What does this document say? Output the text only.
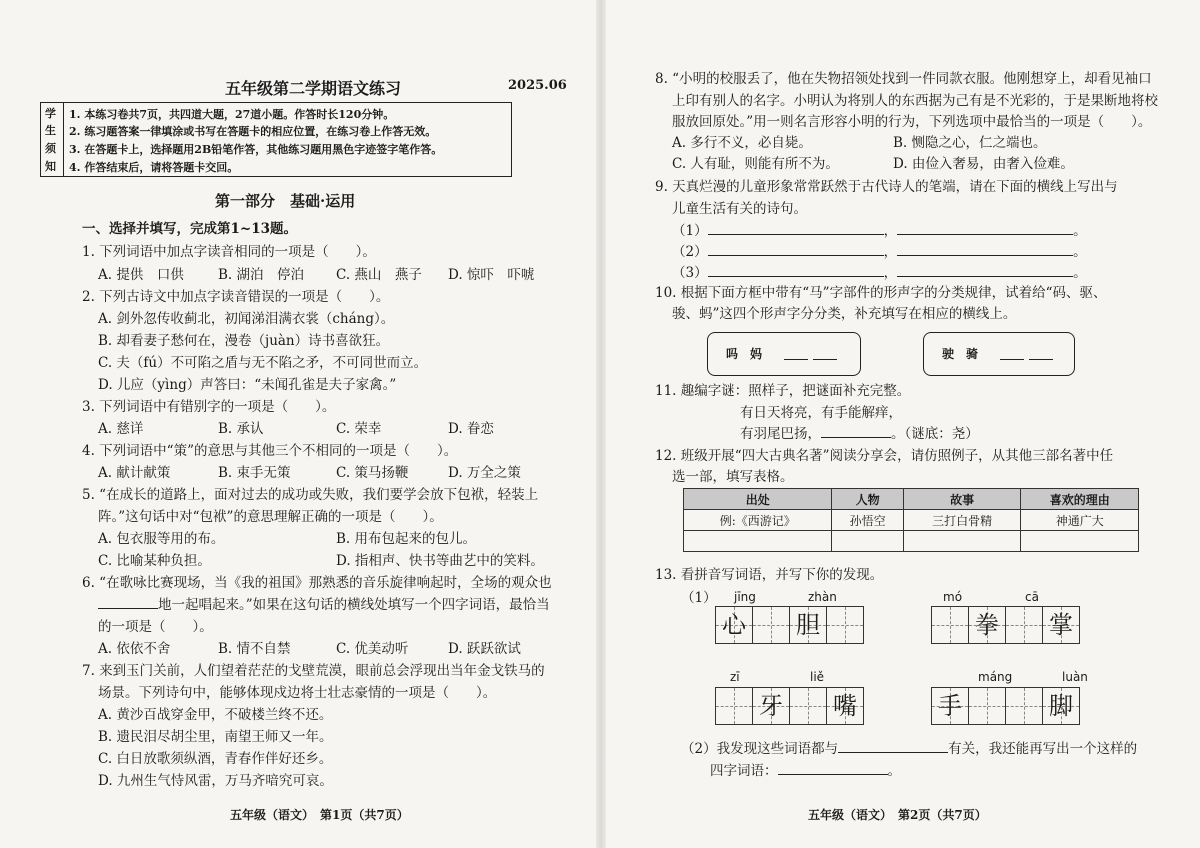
五年级第二学期语文练习	2025.06
学
生
须
知
1. 本练习卷共7页，共四道大题，27道小题。作答时长120分钟。
2. 练习题答案一律填涂或书写在答题卡的相应位置，在练习卷上作答无效。
3. 在答题卡上，选择题用2B铅笔作答，其他练习题用黑色字迹签字笔作答。
4. 作答结束后，请将答题卡交回。
第一部分　基础·运用
一、选择并填写，完成第1~13题。
1. 下列词语中加点字读音相同的一项是（　　）。
A. 提供　口供	B. 湖泊　停泊 C. 燕山　燕子 D. 惊吓　吓唬
2. 下列古诗文中加点字读音错误的一项是（　　）。
A. 剑外忽传收蓟北，初闻涕泪满衣裳（cháng）。
B. 却看妻子愁何在，漫卷（juàn）诗书喜欲狂。
C. 夫（fú）不可陷之盾与无不陷之矛，不可同世而立。
D. 儿应（yìng）声答曰：“未闻孔雀是夫子家禽。”
3. 下列词语中有错别字的一项是（　　）。
A. 慈详	B. 承认	C. 荣幸	D. 眷恋
4. 下列词语中“策”的意思与其他三个不相同的一项是（　　）。
A. 献计献策	B. 束手无策	C. 策马扬鞭	D. 万全之策
5. “在成长的道路上，面对过去的成功或失败，我们要学会放下包袱，轻装上
阵。”这句话中对“包袱”的意思理解正确的一项是（　　）。
A. 包衣服等用的布。	B. 用布包起来的包儿。
C. 比喻某种负担。	D. 指相声、快书等曲艺中的笑料。
6. “在歌咏比赛现场，当《我的祖国》那熟悉的音乐旋律响起时，全场的观众也
地一起唱起来。”如果在这句话的横线处填写一个四字词语，最恰当
的一项是（　　）。
A. 依依不舍	B. 情不自禁	C. 优美动听	D. 跃跃欲试
7. 来到玉门关前，人们望着茫茫的戈壁荒漠，眼前总会浮现出当年金戈铁马的
场景。下列诗句中，能够体现戍边将士壮志豪情的一项是（　　）。
A. 黄沙百战穿金甲，不破楼兰终不还。
B. 遗民泪尽胡尘里，南望王师又一年。
C. 白日放歌须纵酒，青春作伴好还乡。
D. 九州生气恃风雷，万马齐喑究可哀。
五年级（语文）　第1页（共7页）
8. “小明的校服丢了，他在失物招领处找到一件同款衣服。他刚想穿上，却看见袖口
上印有别人的名字。小明认为将别人的东西据为己有是不光彩的，于是果断地将校
服放回原处。”用一则名言形容小明的行为，下列选项中最恰当的一项是（　　）。
A. 多行不义，必自毙。	B. 恻隐之心，仁之端也。
C. 人有耻，则能有所不为。	D. 由俭入奢易，由奢入俭难。
9. 天真烂漫的儿童形象常常跃然于古代诗人的笔端，请在下面的横线上写出与
儿童生活有关的诗句。
（1）	，	。
（2）	，	。
（3）	，	。
10. 根据下面方框中带有“马”字部件的形声字的分类规律，试着给“码、驱、
骏、蚂”这四个形声字分分类，补充填写在相应的横线上。
吗　妈
	驶　骑

11. 趣编字谜：照样子，把谜面补充完整。
有日天将亮，有手能解痒，
有羽尾巴扬，	。（谜底：尧）
12. 班级开展“四大古典名著”阅读分享会，请仿照例子，从其他三部名著中任
选一部，填写表格。
出处	人物	故事	喜欢的理由
例:《西游记》	孙悟空	三打白骨精	神通广大

13. 看拼音写词语，并写下你的发现。
（1） jīng	zhàn
心 胆
mó	cā
拳 掌
zī	liě
牙 嘴
máng	luàn
手	脚
（2）我发现这些词语都与	有关，我还能再写出一个这样的
四字词语：	。
五年级（语文）　第2页（共7页）
